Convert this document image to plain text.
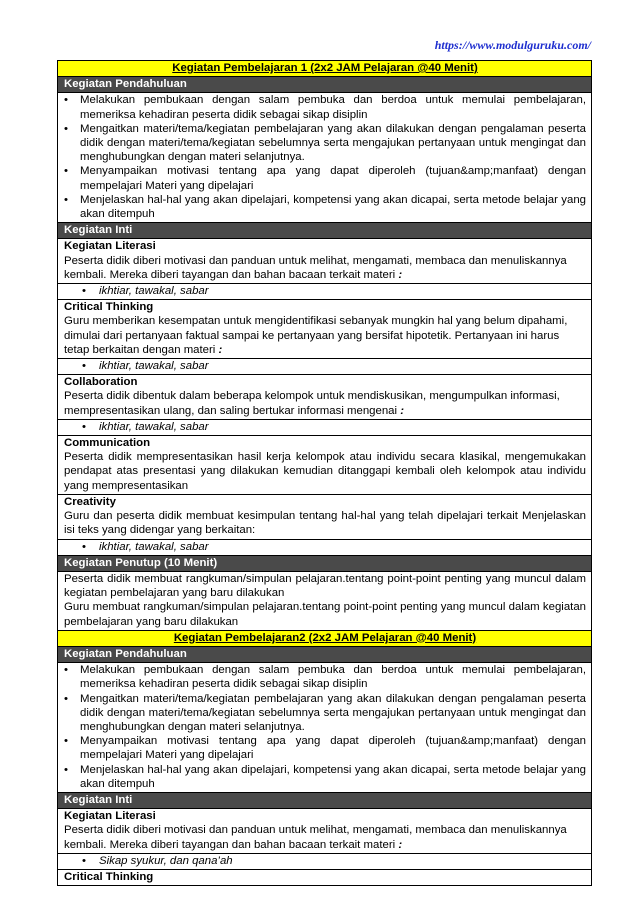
https://www.modulguruku.com/
Kegiatan Pembelajaran 1 (2x2 JAM Pelajaran @40 Menit)
Kegiatan Pendahuluan

• Melakukan pembukaan dengan salam pembuka dan berdoa untuk memulai pembelajaran, memeriksa kehadiran peserta didik sebagai sikap disiplin
• Mengaitkan materi/tema/kegiatan pembelajaran yang akan dilakukan dengan pengalaman peserta didik dengan materi/tema/kegiatan sebelumnya serta mengajukan pertanyaan untuk mengingat dan menghubungkan dengan materi selanjutnya.
• Menyampaikan motivasi tentang apa yang dapat diperoleh (tujuan&amp;manfaat) dengan mempelajari Materi yang dipelajari
• Menjelaskan hal-hal yang akan dipelajari, kompetensi yang akan dicapai, serta metode belajar yang akan ditempuh

Kegiatan Inti

Kegiatan Literasi
Peserta didik diberi motivasi dan panduan untuk melihat, mengamati, membaca dan menuliskannya kembali. Mereka diberi tayangan dan bahan bacaan terkait materi :

• ikhtiar, tawakal, sabar

Critical Thinking
Guru memberikan kesempatan untuk mengidentifikasi sebanyak mungkin hal yang belum dipahami, dimulai dari pertanyaan faktual sampai ke pertanyaan yang bersifat hipotetik. Pertanyaan ini harus tetap berkaitan dengan materi :

• ikhtiar, tawakal, sabar

Collaboration
Peserta didik dibentuk dalam beberapa kelompok untuk mendiskusikan, mengumpulkan informasi, mempresentasikan ulang, dan saling bertukar informasi mengenai :

• ikhtiar, tawakal, sabar

Communication
Peserta didik mempresentasikan hasil kerja kelompok atau individu secara klasikal, mengemukakan pendapat atas presentasi yang dilakukan kemudian ditanggapi kembali oleh kelompok atau individu yang mempresentasikan

Creativity
Guru dan peserta didik membuat kesimpulan tentang hal-hal yang telah dipelajari terkait Menjelaskan isi teks yang didengar yang berkaitan:

• ikhtiar, tawakal, sabar
Kegiatan Penutup (10 Menit)

Peserta didik membuat rangkuman/simpulan pelajaran.tentang point-point penting yang muncul dalam kegiatan pembelajaran yang baru dilakukan
Guru membuat rangkuman/simpulan pelajaran.tentang point-point penting yang muncul dalam kegiatan pembelajaran yang baru dilakukan

Kegiatan Pembelajaran2 (2x2 JAM Pelajaran @40 Menit)
Kegiatan Pendahuluan

• Melakukan pembukaan dengan salam pembuka dan berdoa untuk memulai pembelajaran, memeriksa kehadiran peserta didik sebagai sikap disiplin
• Mengaitkan materi/tema/kegiatan pembelajaran yang akan dilakukan dengan pengalaman peserta didik dengan materi/tema/kegiatan sebelumnya serta mengajukan pertanyaan untuk mengingat dan menghubungkan dengan materi selanjutnya.
• Menyampaikan motivasi tentang apa yang dapat diperoleh (tujuan&amp;manfaat) dengan mempelajari Materi yang dipelajari
• Menjelaskan hal-hal yang akan dipelajari, kompetensi yang akan dicapai, serta metode belajar yang akan ditempuh

Kegiatan Inti

Kegiatan Literasi
Peserta didik diberi motivasi dan panduan untuk melihat, mengamati, membaca dan menuliskannya kembali. Mereka diberi tayangan dan bahan bacaan terkait materi :

• Sikap syukur, dan qana’ah
Critical Thinking
